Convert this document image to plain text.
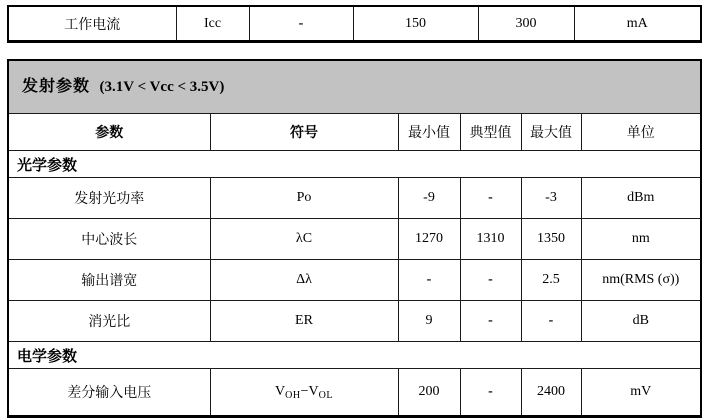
工作电流	Icc	-	150	300	mA
发射参数 (3.1V < Vcc < 3.5V)					
参数	符号	最小值	典型值	最大值	单位
光学参数					
发射光功率	Po	-9	-	-3	dBm
中心波长	λC	1270	1310	1350	nm
输出谱宽	Δλ	-	-	2.5	nm(RMS (σ))
消光比	ER	9	-	-	dB
电学参数					
差分输入电压	$V_{OH}-V_{OL}$	200	-	2400	mV
